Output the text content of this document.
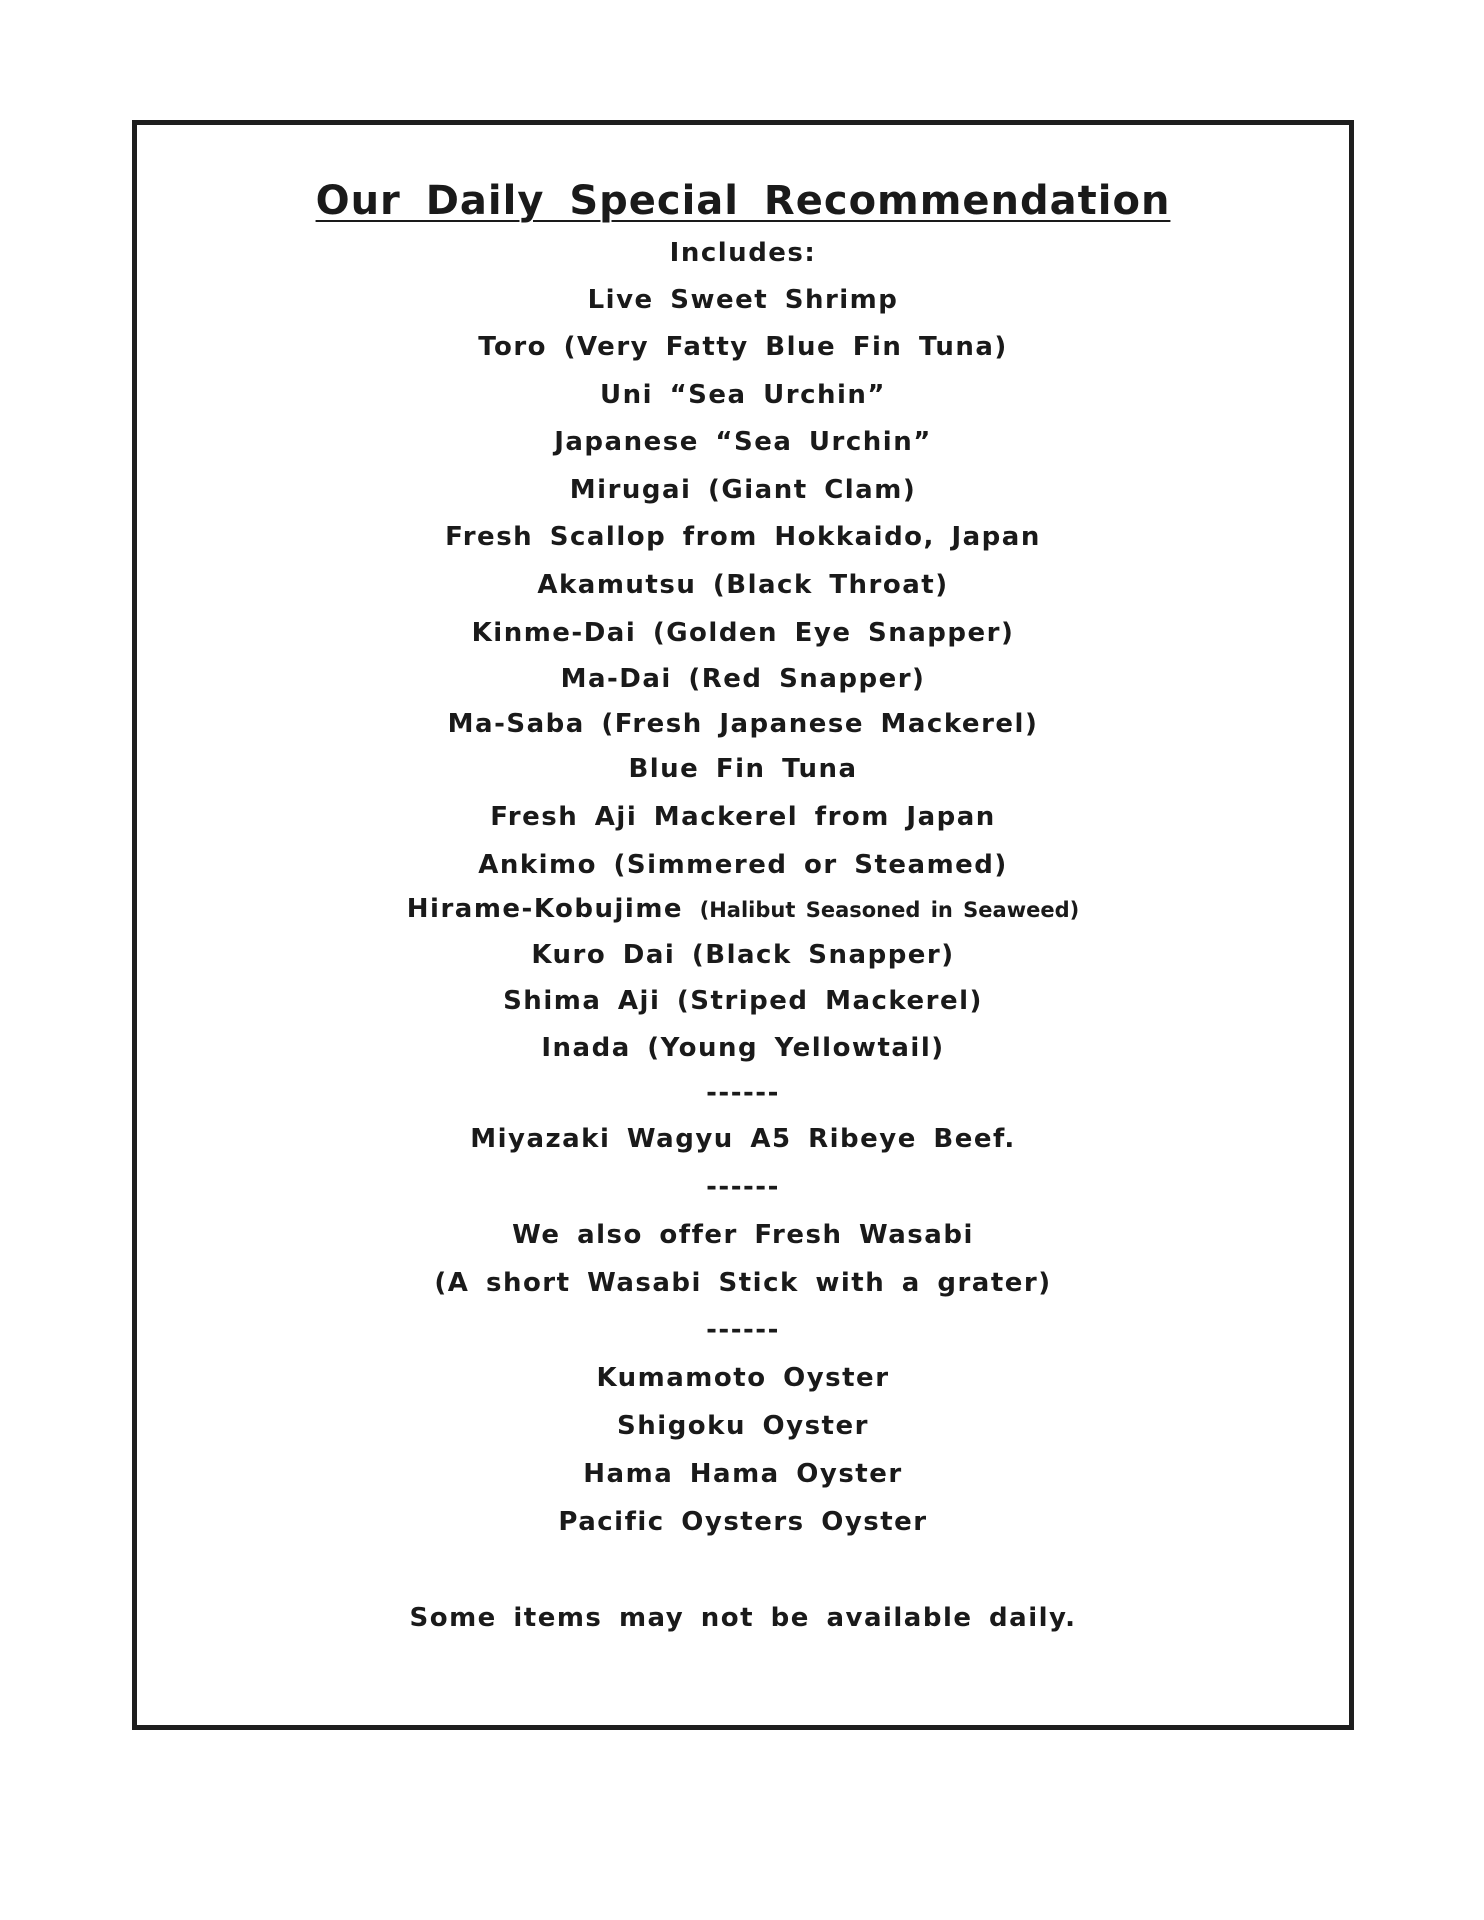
Our Daily Special Recommendation
Includes:
Live Sweet Shrimp
Toro (Very Fatty Blue Fin Tuna)
Uni “Sea Urchin”
Japanese “Sea Urchin”
Mirugai (Giant Clam)
Fresh Scallop from Hokkaido, Japan
Akamutsu (Black Throat)
Kinme-Dai (Golden Eye Snapper)
Ma-Dai (Red Snapper)
Ma-Saba (Fresh Japanese Mackerel)
Blue Fin Tuna
Fresh Aji Mackerel from Japan
Ankimo (Simmered or Steamed)
Hirame-Kobujime (Halibut Seasoned in Seaweed)
Kuro Dai (Black Snapper)
Shima Aji (Striped Mackerel)
Inada (Young Yellowtail)
------
Miyazaki Wagyu A5 Ribeye Beef.
------
We also offer Fresh Wasabi
(A short Wasabi Stick with a grater)
------
Kumamoto Oyster
Shigoku Oyster
Hama Hama Oyster
Pacific Oysters Oyster
Some items may not be available daily.
